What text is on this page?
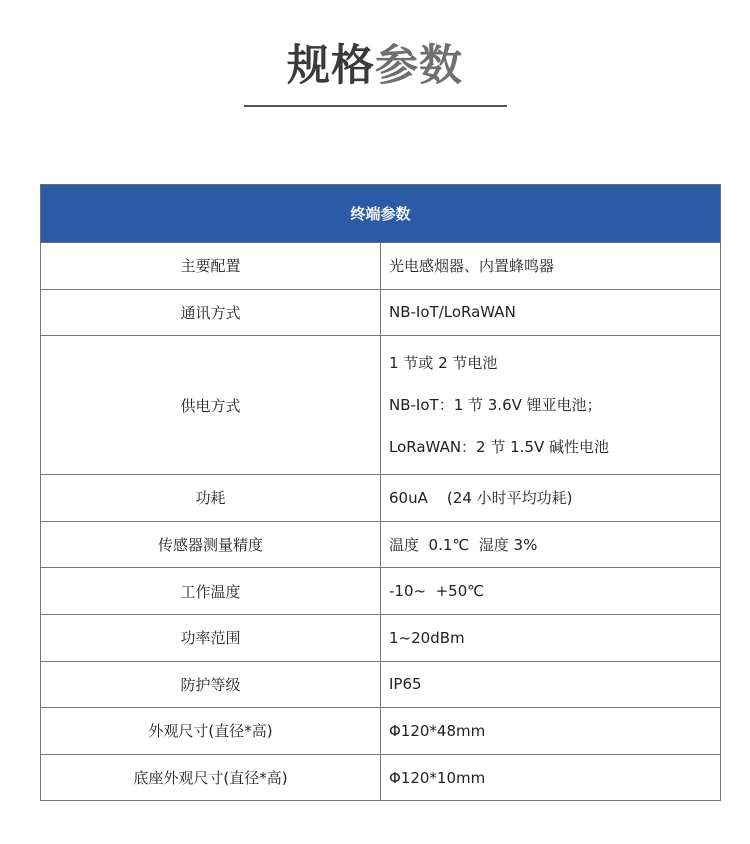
规格参数
终端参数	
主要配置	光电感烟器、内置蜂鸣器
通讯方式	NB-IoT/LoRaWAN
供电方式	1 节或 2 节电池
NB-IoT：1 节 3.6V 锂亚电池；
LoRaWAN：2 节 1.5V 碱性电池

功耗	60uA    (24 小时平均功耗)
传感器测量精度	温度  0.1℃  湿度 3%
工作温度	-10~  +50℃
功率范围	1~20dBm
防护等级	IP65
外观尺寸(直径*高)	Φ120*48mm
底座外观尺寸(直径*高)	Φ120*10mm
